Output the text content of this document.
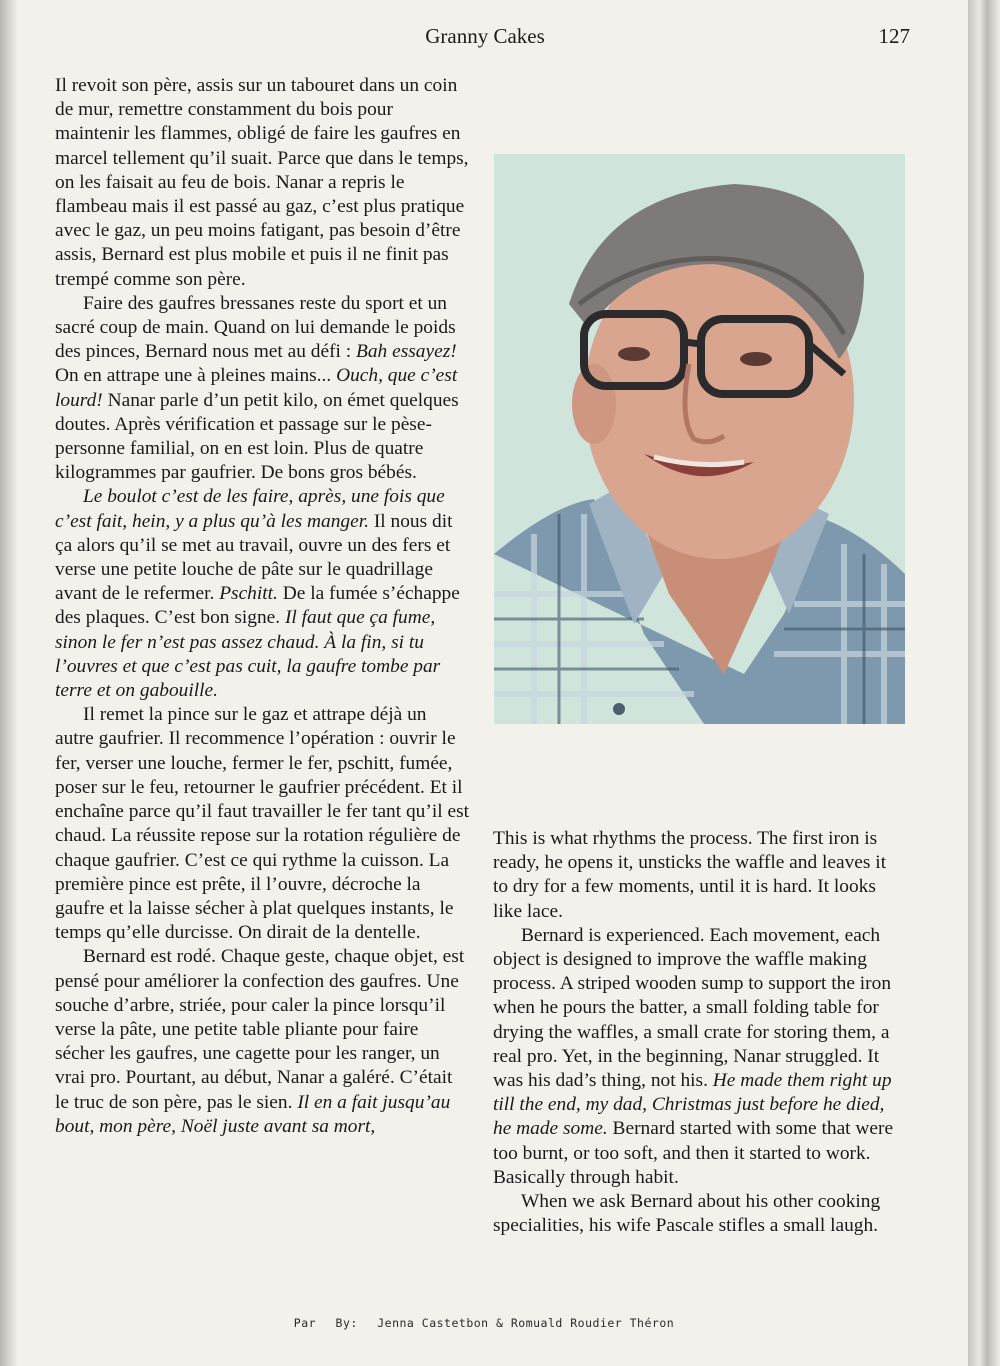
Granny Cakes	127

Il revoit son père, assis sur un tabouret dans un coin de mur, remettre constamment du bois pour maintenir les flammes, obligé de faire les gaufres en marcel tellement qu’il suait. Parce que dans le temps, on les faisait au feu de bois. Nanar a repris le flambeau mais il est passé au gaz, c’est plus pratique avec le gaz, un peu moins fatigant, pas besoin d’être assis, Bernard est plus mobile et puis il ne finit pas trempé comme son père.

Faire des gaufres bressanes reste du sport et un sacré coup de main. Quand on lui demande le poids des pinces, Bernard nous met au défi : Bah essayez! On en attrape une à pleines mains... Ouch, que c’est lourd! Nanar parle d’un petit kilo, on émet quelques doutes. Après vérification et passage sur le pèse-personne familial, on en est loin. Plus de quatre kilogrammes par gaufrier. De bons gros bébés.

Le boulot c’est de les faire, après, une fois que c’est fait, hein, y a plus qu’à les manger. Il nous dit ça alors qu’il se met au travail, ouvre un des fers et verse une petite louche de pâte sur le quadrillage avant de le refermer. Pschitt. De la fumée s’échappe des plaques. C’est bon signe. Il faut que ça fume, sinon le fer n’est pas assez chaud. À la fin, si tu l’ouvres et que c’est pas cuit, la gaufre tombe par terre et on gabouille.

Il remet la pince sur le gaz et attrape déjà un autre gaufrier. Il recommence l’opération : ouvrir le fer, verser une louche, fermer le fer, pschitt, fumée, poser sur le feu, retourner le gaufrier précédent. Et il enchaîne parce qu’il faut travailler le fer tant qu’il est chaud. La réussite repose sur la rotation régulière de chaque gaufrier. C’est ce qui rythme la cuisson. La première pince est prête, il l’ouvre, décroche la gaufre et la laisse sécher à plat quelques instants, le temps qu’elle durcisse. On dirait de la dentelle.

Bernard est rodé. Chaque geste, chaque objet, est pensé pour améliorer la confection des gaufres. Une souche d’arbre, striée, pour caler la pince lorsqu’il verse la pâte, une petite table pliante pour faire sécher les gaufres, une cagette pour les ranger, un vrai pro. Pourtant, au début, Nanar a galéré. C’était le truc de son père, pas le sien. Il en a fait jusqu’au bout, mon père, Noël juste avant sa mort,

This is what rhythms the process. The first iron is ready, he opens it, unsticks the waffle and leaves it to dry for a few moments, until it is hard. It looks like lace.

Bernard is experienced. Each movement, each object is designed to improve the waffle making process. A striped wooden sump to support the iron when he pours the batter, a small folding table for drying the waffles, a small crate for storing them, a real pro. Yet, in the beginning, Nanar struggled. It was his dad’s thing, not his. He made them right up till the end, my dad, Christmas just before he died, he made some. Bernard started with some that were too burnt, or too soft, and then it started to work. Basically through habit.

When we ask Bernard about his other cooking specialities, his wife Pascale stifles a small laugh.

Par By: Jenna Castetbon & Romuald Roudier Théron
